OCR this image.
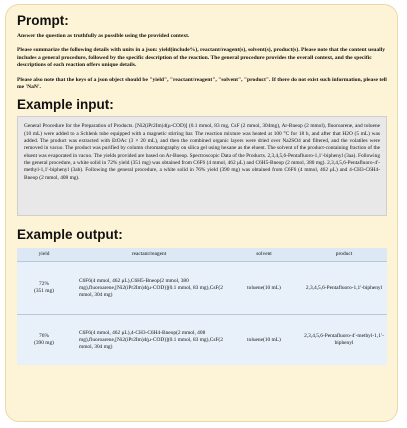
Prompt:

Answer the question as truthfully as possible using the provided context.

Please summarize the following details with units in a json: yield(include%), reactant/reagent(s), solvent(s), product(s). Please note that the content usually includes a general procedure, followed by the specific description of the reaction. The general procedure provides the overall context, and the specific descriptions of each reaction offers unique details.

Please also note that the keys of a json object should be "yield", "reactant/reagent", "solvent", "product". If there do not exist such information, please tell me 'NaN'.

Example input:

General Procedure for the Preparation of Products. [Ni2(iPr2Im)4(μ-COD)] (0.1 mmol, 83 mg, CsF (2 mmol, 304mg), Ar-Bneop (2 mmol), fluoroarene, and toluene (10 mL) were added to a Schlenk tube equipped with a magnetic stirring bar. The reaction mixture was heated at 100 °C for 18 h, and after that H2O (5 mL) was added. The product was extracted with EtOAc (3 × 20 mL), and then the combined organic layers were dried over Na2SO4 and filtered, and the volatiles were removed in vacuo. The product was purified by column chromatography on silica gel using hexane as the eluent. The solvent of the product-containing fraction of the eluent was evaporated in vacuo. The yields provided are based on Ar-Bneop. Spectroscopic Data of the Products. 2,3,4,5,6-Pentafluoro-1,1′-biphenyl (3aa). Following the general procedure, a white solid in 72% yield (351 mg) was obtained from C6F6 (4 mmol, 462 μL) and C6H5-Bneop (2 mmol, 380 mg). 2,3,4,5,6-Pentafluoro-4′-methyl-1,1′-biphenyl (3ab). Following the general procedure, a white solid in 76% yield (390 mg) was obtained from C6F6 (4 mmol, 462 μL) and 4-CH3-C6H4-Bneop (2 mmol, 408 mg).

Example output:

yield	reactant/reagent	solvent	product
72%
(351 mg)	C6F6(4 mmol, 462 μL),C6H5-Bneop(2 mmol, 380 mg),fluoroarene,[Ni2(iPr2Im)4(μ-COD)](0.1 mmol, 83 mg),CsF(2 mmol, 304 mg)	toluene(10 mL)	2,3,4,5,6-Pentafluoro-1,1′-biphenyl
76%
(390 mg)	C6F6(4 mmol, 462 μL),4-CH3-C6H4-Bneop(2 mmol, 408 mg),fluoroarene,[Ni2(iPr2Im)4(μ-COD)](0.1 mmol, 83 mg),CsF(2 mmol, 304 mg)	toluene(10 mL)	2,3,4,5,6-Pentafluoro-4′-methyl-1,1′-biphenyl
